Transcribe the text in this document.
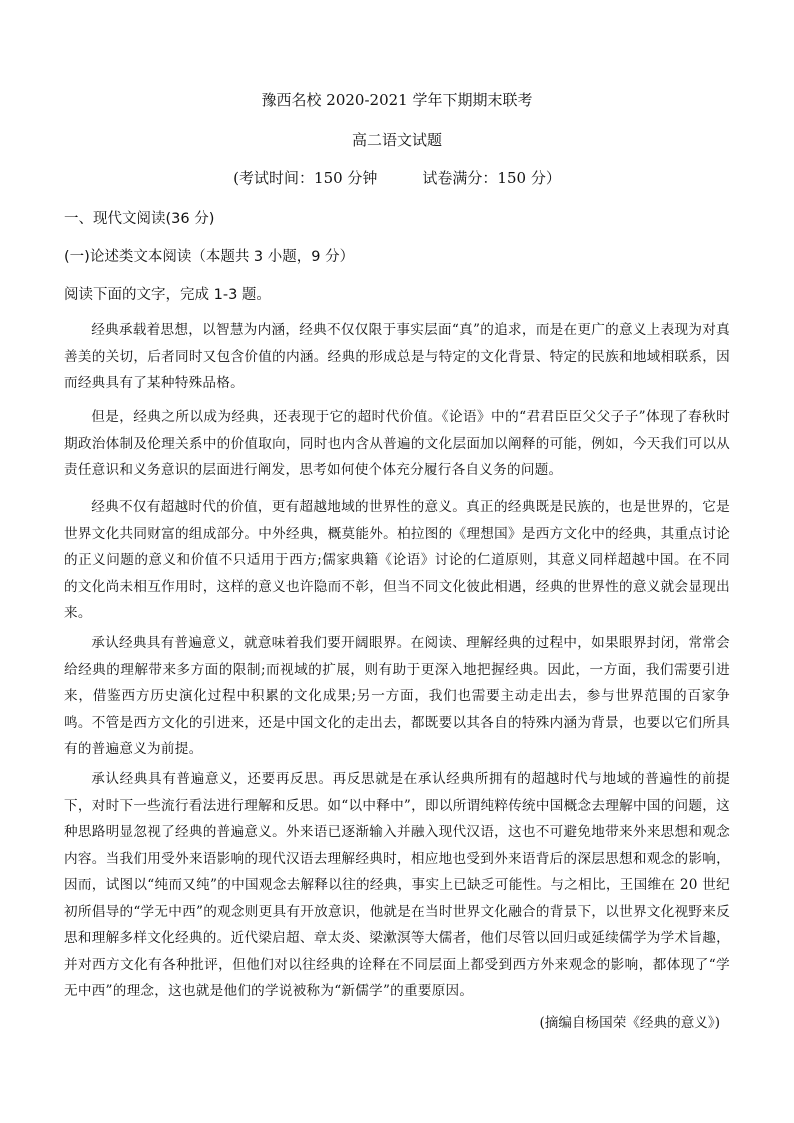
豫西名校 2020-2021 学年下期期末联考
高二语文试题
(考试时间：150 分钟　　　试卷满分：150 分）
一、现代文阅读(36 分)
(一)论述类文本阅读（本题共 3 小题，9 分）
阅读下面的文字，完成 1-3 题。
经典承载着思想，以智慧为内涵，经典不仅仅限于事实层面“真”的追求，而是在更广的意义上表现为对真善美的关切，后者同时又包含价值的内涵。经典的形成总是与特定的文化背景、特定的民族和地域相联系，因而经典具有了某种特殊品格。
但是，经典之所以成为经典，还表现于它的超时代价值。《论语》中的“君君臣臣父父子子”体现了春秋时期政治体制及伦理关系中的价值取向，同时也内含从普遍的文化层面加以阐释的可能，例如，今天我们可以从责任意识和义务意识的层面进行阐发，思考如何使个体充分履行各自义务的问题。
经典不仅有超越时代的价值，更有超越地域的世界性的意义。真正的经典既是民族的，也是世界的，它是世界文化共同财富的组成部分。中外经典，概莫能外。柏拉图的《理想国》是西方文化中的经典，其重点讨论的正义问题的意义和价值不只适用于西方;儒家典籍《论语》讨论的仁道原则，其意义同样超越中国。在不同的文化尚未相互作用时，这样的意义也许隐而不彰，但当不同文化彼此相遇，经典的世界性的意义就会显现出来。
承认经典具有普遍意义，就意味着我们要开阔眼界。在阅读、理解经典的过程中，如果眼界封闭，常常会给经典的理解带来多方面的限制;而视域的扩展，则有助于更深入地把握经典。因此，一方面，我们需要引进来，借鉴西方历史演化过程中积累的文化成果;另一方面，我们也需要主动走出去，参与世界范围的百家争鸣。不管是西方文化的引进来，还是中国文化的走出去，都既要以其各自的特殊内涵为背景，也要以它们所具有的普遍意义为前提。
承认经典具有普遍意义，还要再反思。再反思就是在承认经典所拥有的超越时代与地域的普遍性的前提下，对时下一些流行看法进行理解和反思。如“以中释中”，即以所谓纯粹传统中国概念去理解中国的问题，这种思路明显忽视了经典的普遍意义。外来语已逐渐输入并融入现代汉语，这也不可避免地带来外来思想和观念内容。当我们用受外来语影响的现代汉语去理解经典时，相应地也受到外来语背后的深层思想和观念的影响，因而，试图以“纯而又纯”的中国观念去解释以往的经典，事实上已缺乏可能性。与之相比，王国维在 20 世纪初所倡导的“学无中西”的观念则更具有开放意识，他就是在当时世界文化融合的背景下，以世界文化视野来反思和理解多样文化经典的。近代梁启超、章太炎、梁漱溟等大儒者，他们尽管以回归或延续儒学为学术旨趣，并对西方文化有各种批评，但他们对以往经典的诠释在不同层面上都受到西方外来观念的影响，都体现了“学无中西”的理念，这也就是他们的学说被称为“新儒学”的重要原因。
(摘编自杨国荣《经典的意义》)
